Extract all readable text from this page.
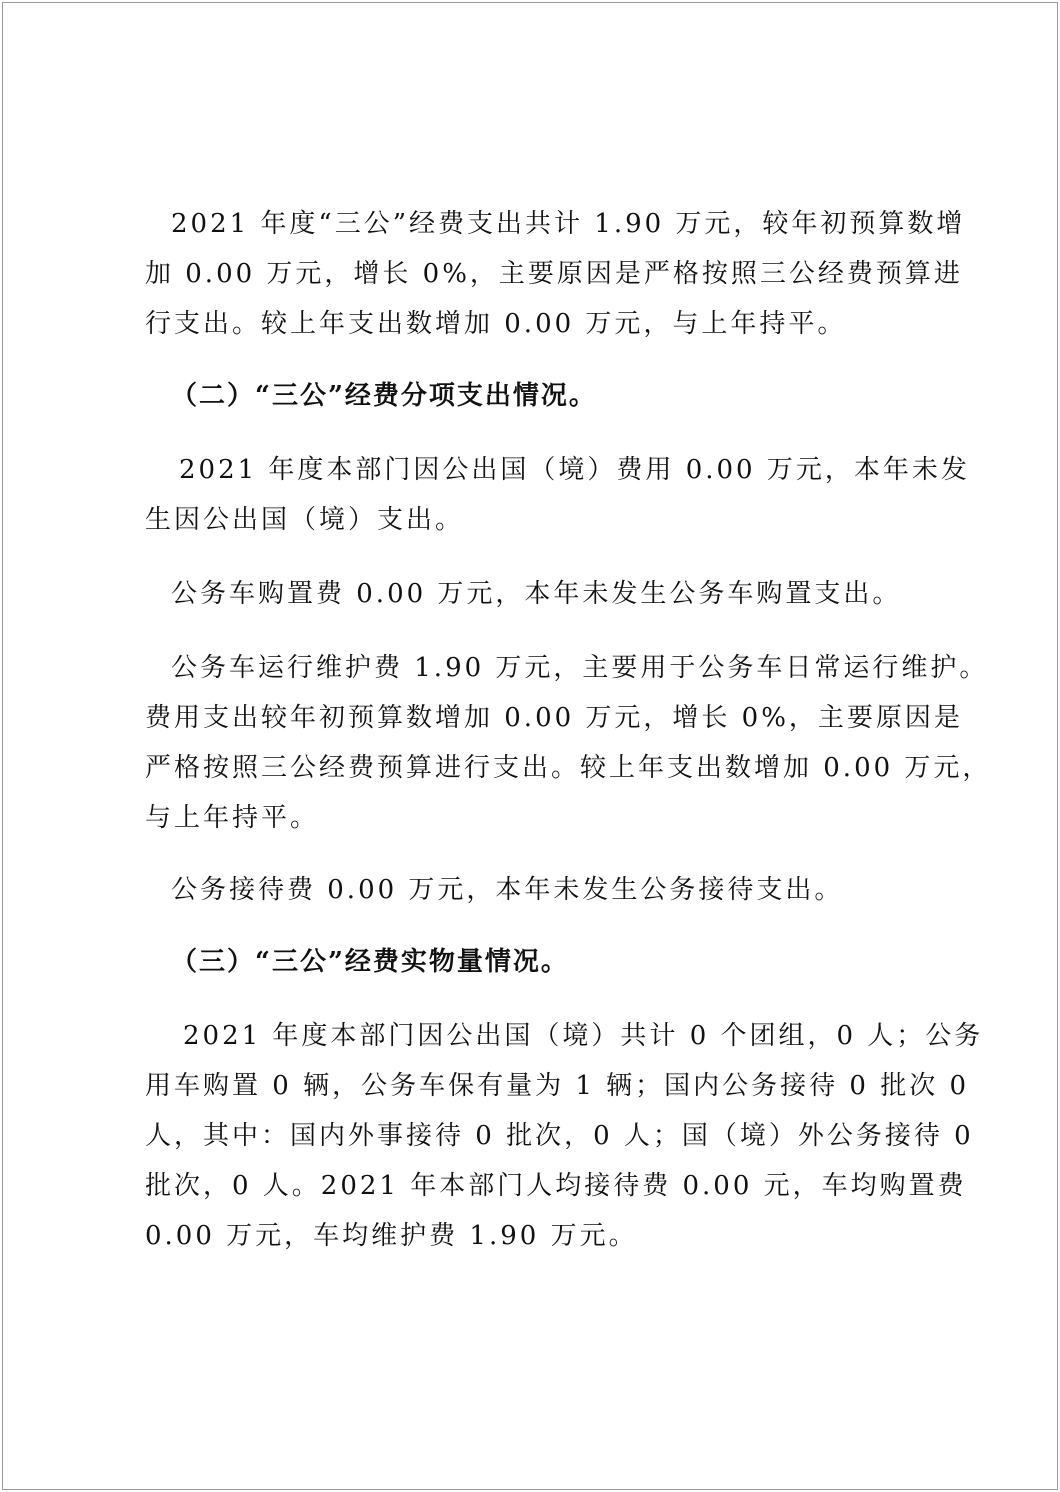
2021 年度“三公”经费支出共计 1.90 万元，较年初预算数增

加 0.00 万元，增长 0%，主要原因是严格按照三公经费预算进

行支出。较上年支出数增加 0.00 万元，与上年持平。

（二）“三公”经费分项支出情况。

2021 年度本部门因公出国（境）费用 0.00 万元，本年未发

生因公出国（境）支出。

公务车购置费 0.00 万元，本年未发生公务车购置支出。

公务车运行维护费 1.90 万元，主要用于公务车日常运行维护。

费用支出较年初预算数增加 0.00 万元，增长 0%，主要原因是

严格按照三公经费预算进行支出。较上年支出数增加 0.00 万元，

与上年持平。

公务接待费 0.00 万元，本年未发生公务接待支出。

（三）“三公”经费实物量情况。

2021 年度本部门因公出国（境）共计 0 个团组，0 人；公务

用车购置 0 辆，公务车保有量为 1 辆；国内公务接待 0 批次 0

人，其中：国内外事接待 0 批次，0 人；国（境）外公务接待 0

批次，0 人。2021 年本部门人均接待费 0.00 元，车均购置费

0.00 万元，车均维护费 1.90 万元。
